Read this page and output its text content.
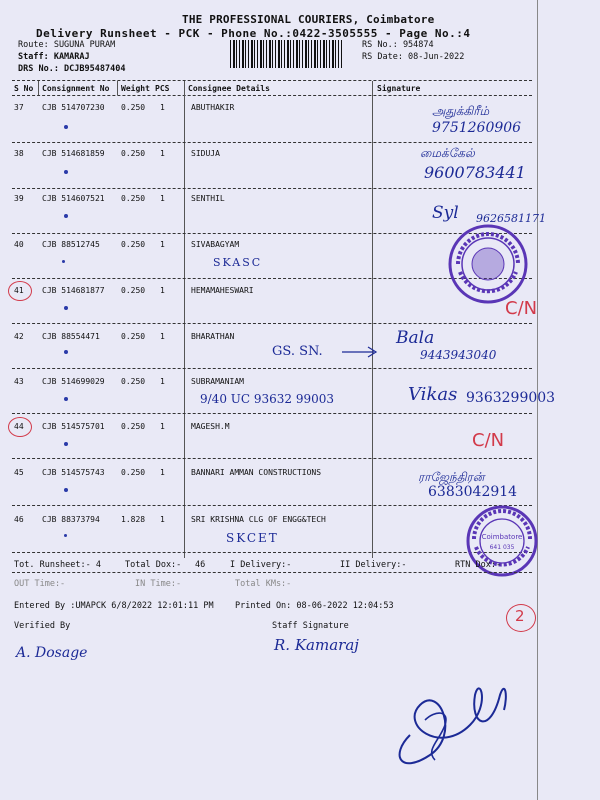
THE PROFESSIONAL COURIERS, Coimbatore
Delivery Runsheet - PCK - Phone No.:0422-3505555 - Page No.:4
Route: SUGUNA PURAM
Staff: KAMARAJ
DRS No.: DCJB95487404
RS No.: 954874
RS Date: 08-Jun-2022
S No Consignment No Weight PCS Consignee Details	Signature
37 CJB 514707230 0.250 1	ABUTHAKIR	அதுக்கிரீம்
9751260906
38 CJB 514681859 0.250 1	SIDUJA	மைக்கேல்
9600783441
39 CJB 514607521 0.250 1	SENTHIL
Syl 9626581171
40 CJB 88512745	0.250 1	SIVABAGYAM
SKASC
41 CJB 514681877 0.250 1	HEMAMAHESWARI
C/N
42 CJB 88554471	0.250 1	BHARATHAN
GS. SN.
Bala
9443943040
43 CJB 514699029 0.250 1	SUBRAMANIAM
9/40 UC 93632 99003	Vikas 9363299003
44 CJB 514575701 0.250 1	MAGESH.M
C/N
45 CJB 514575743 0.250 1	BANNARI AMMAN CONSTRUCTIONS	ராஜேந்திரன்
6383042914
46 CJB 88373794	1.828 1	SRI KRISHNA CLG OF ENGG&TECH
SKCET	Coimbatore
641 035
Tot. Runsheet:- 4	Total Dox:- 46	I Delivery:-	II Delivery:-	RTN Dox:-
OUT Time:-	IN Time:-	Total KMs:-
Entered By :UMAPCK 6/8/2022 12:01:11 PM	Printed On: 08-06-2022 12:04:53
Verified By	Staff Signature
2
A. Dosage	R. Kamaraj
